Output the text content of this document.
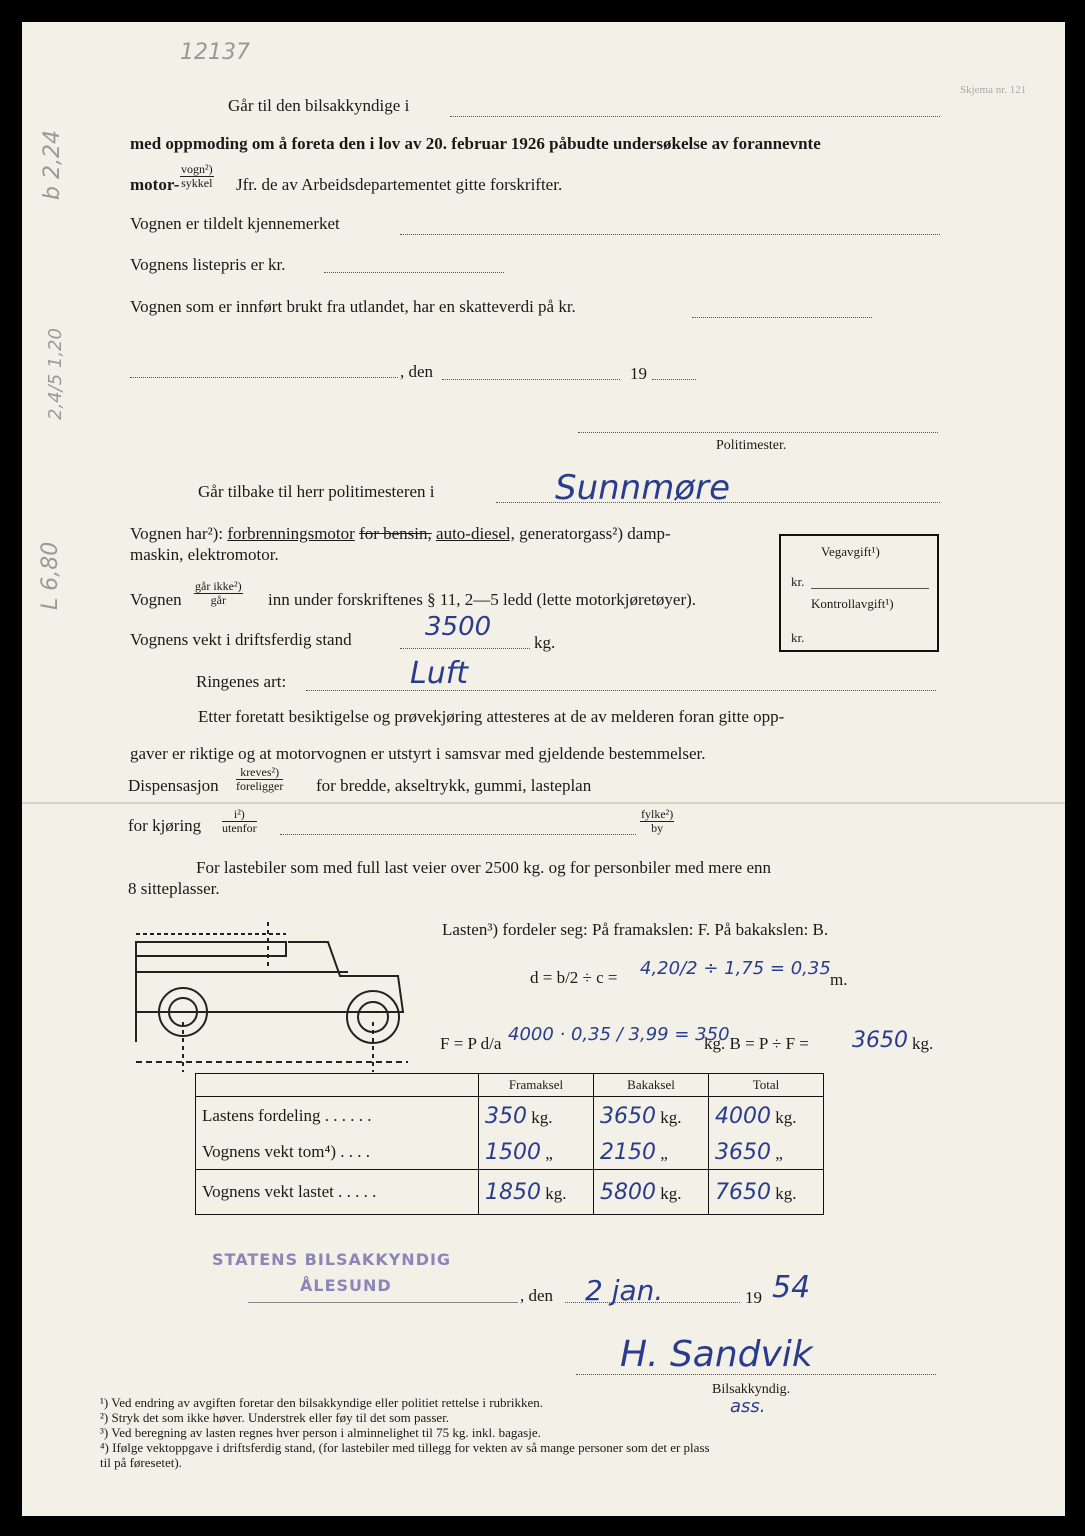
12137
b 2,24
2,4/5 1,20
L 6,80
Skjema nr. 121
Går til den bilsakkyndige i
med oppmoding om å foreta den i lov av 20. februar 1926 påbudte undersøkelse av forannevnte
motor-
vogn²)
sykkel Jfr. de av Arbeidsdepartementet gitte forskrifter.
Vognen er tildelt kjennemerket
Vognens listepris er kr.
Vognen som er innført brukt fra utlandet, har en skatteverdi på kr.
, den	19
Politimester.
Går tilbake til herr politimesteren i	Sunnmøre
Vognen har²): forbrenningsmotor for bensin, auto-diesel, generatorgass²) damp-
maskin, elektromotor.
Vognen
går ikke²)
går	inn under forskriftenes § 11, 2—5 ledd (lette motorkjøretøyer).
Vognens vekt i driftsferdig stand	3500
kg.
Ringenes art:	Luft
Vegavgift¹)
kr.
Kontrollavgift¹)
kr.
Etter foretatt besiktigelse og prøvekjøring attesteres at de av melderen foran gitte opp-
gaver er riktige og at motorvognen er utstyrt i samsvar med gjeldende bestemmelser.
Dispensasjon
kreves²)
foreligger for bredde, akseltrykk, gummi, lasteplan
for kjøring
i²)
utenfor
fylke²)
by
For lastebiler som med full last veier over 2500 kg. og for personbiler med mere enn
8 sitteplasser.
Lasten³) fordeler seg: På framakslen: F. På bakakslen: B.
d = b/2 ÷ c = 4,20/2 ÷ 1,75 = 0,35
m.
F = P d/a 4000 · 0,35 / 3,99 = 350
kg. B = P ÷ F = 3650 kg.
	Framaksel	Bakaksel	Total
Lastens fordeling . . . . . .	350 kg.	3650 kg.	4000 kg.
Vognens vekt tom⁴) . . . .	1500 „	2150 „	3650 „
Vognens vekt lastet . . . . .	1850 kg.	5800 kg.	7650 kg.
STATENS BILSAKKYNDIG
ÅLESUND
, den 2 jan.	19 54
H. Sandvik
Bilsakkyndig.
ass.
¹) Ved endring av avgiften foretar den bilsakkyndige eller politiet rettelse i rubrikken.
²) Stryk det som ikke høver. Understrek eller føy til det som passer.
³) Ved beregning av lasten regnes hver person i alminnelighet til 75 kg. inkl. bagasje.
⁴) Ifølge vektoppgave i driftsferdig stand, (for lastebiler med tillegg for vekten av så mange personer som det er plass
til på føresetet).
